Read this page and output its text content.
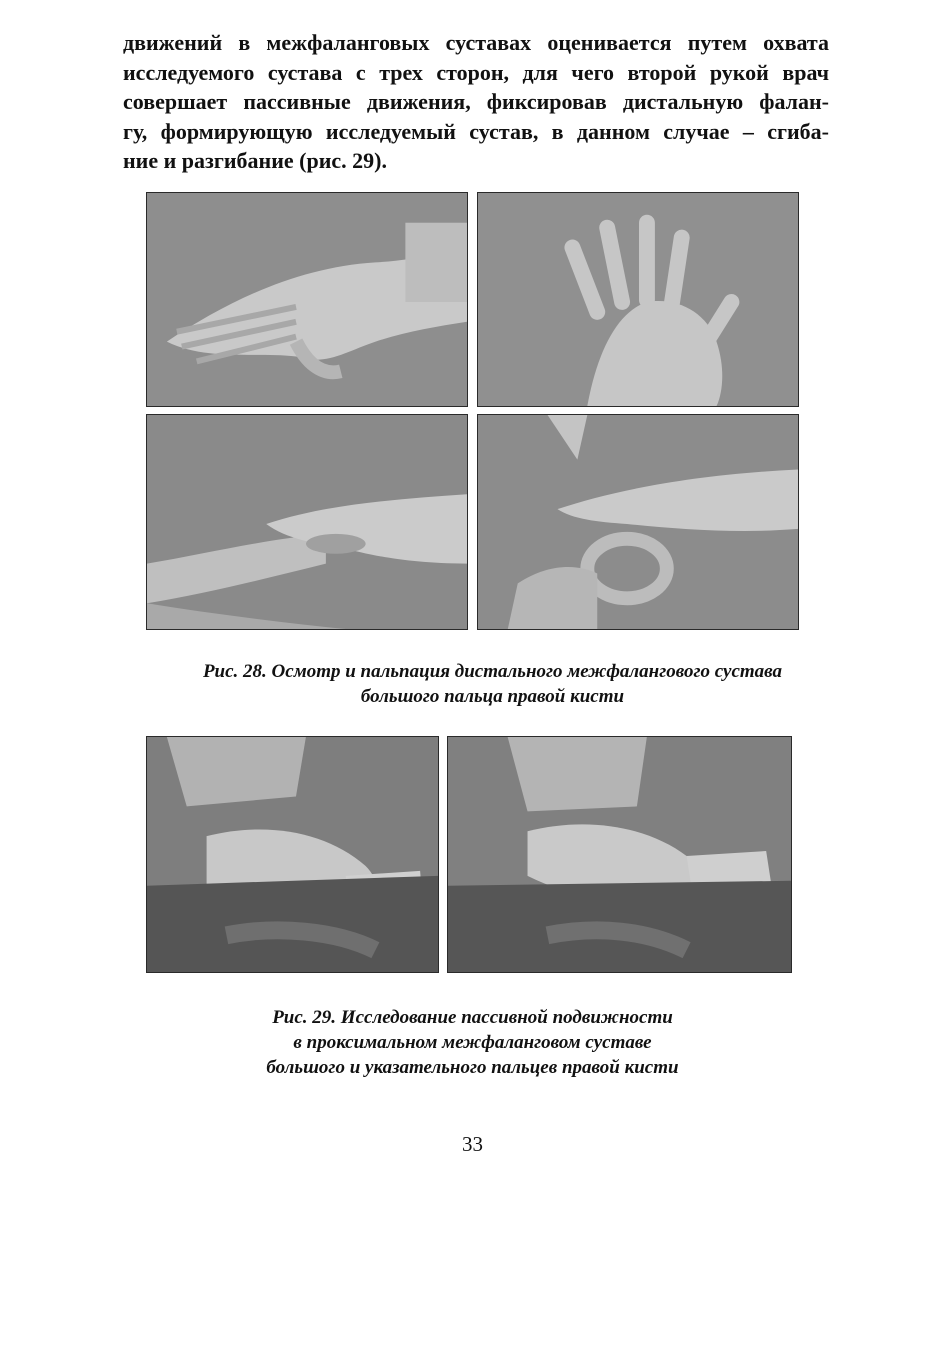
движений в межфаланговых суставах оценивается путем охвата
исследуемого сустава с трех сторон, для чего второй рукой врач
совершает пассивные движения, фиксировав дистальную фалан-
гу, формирующую исследуемый сустав, в данном случае – сгиба-
ние и разгибание (рис. 29).

Рис. 28. Осмотр и пальпация дистального межфалангового сустава
большого пальца правой кисти

Рис. 29. Исследование пассивной подвижности
в проксимальном межфаланговом суставе
большого и указательного пальцев правой кисти

33
